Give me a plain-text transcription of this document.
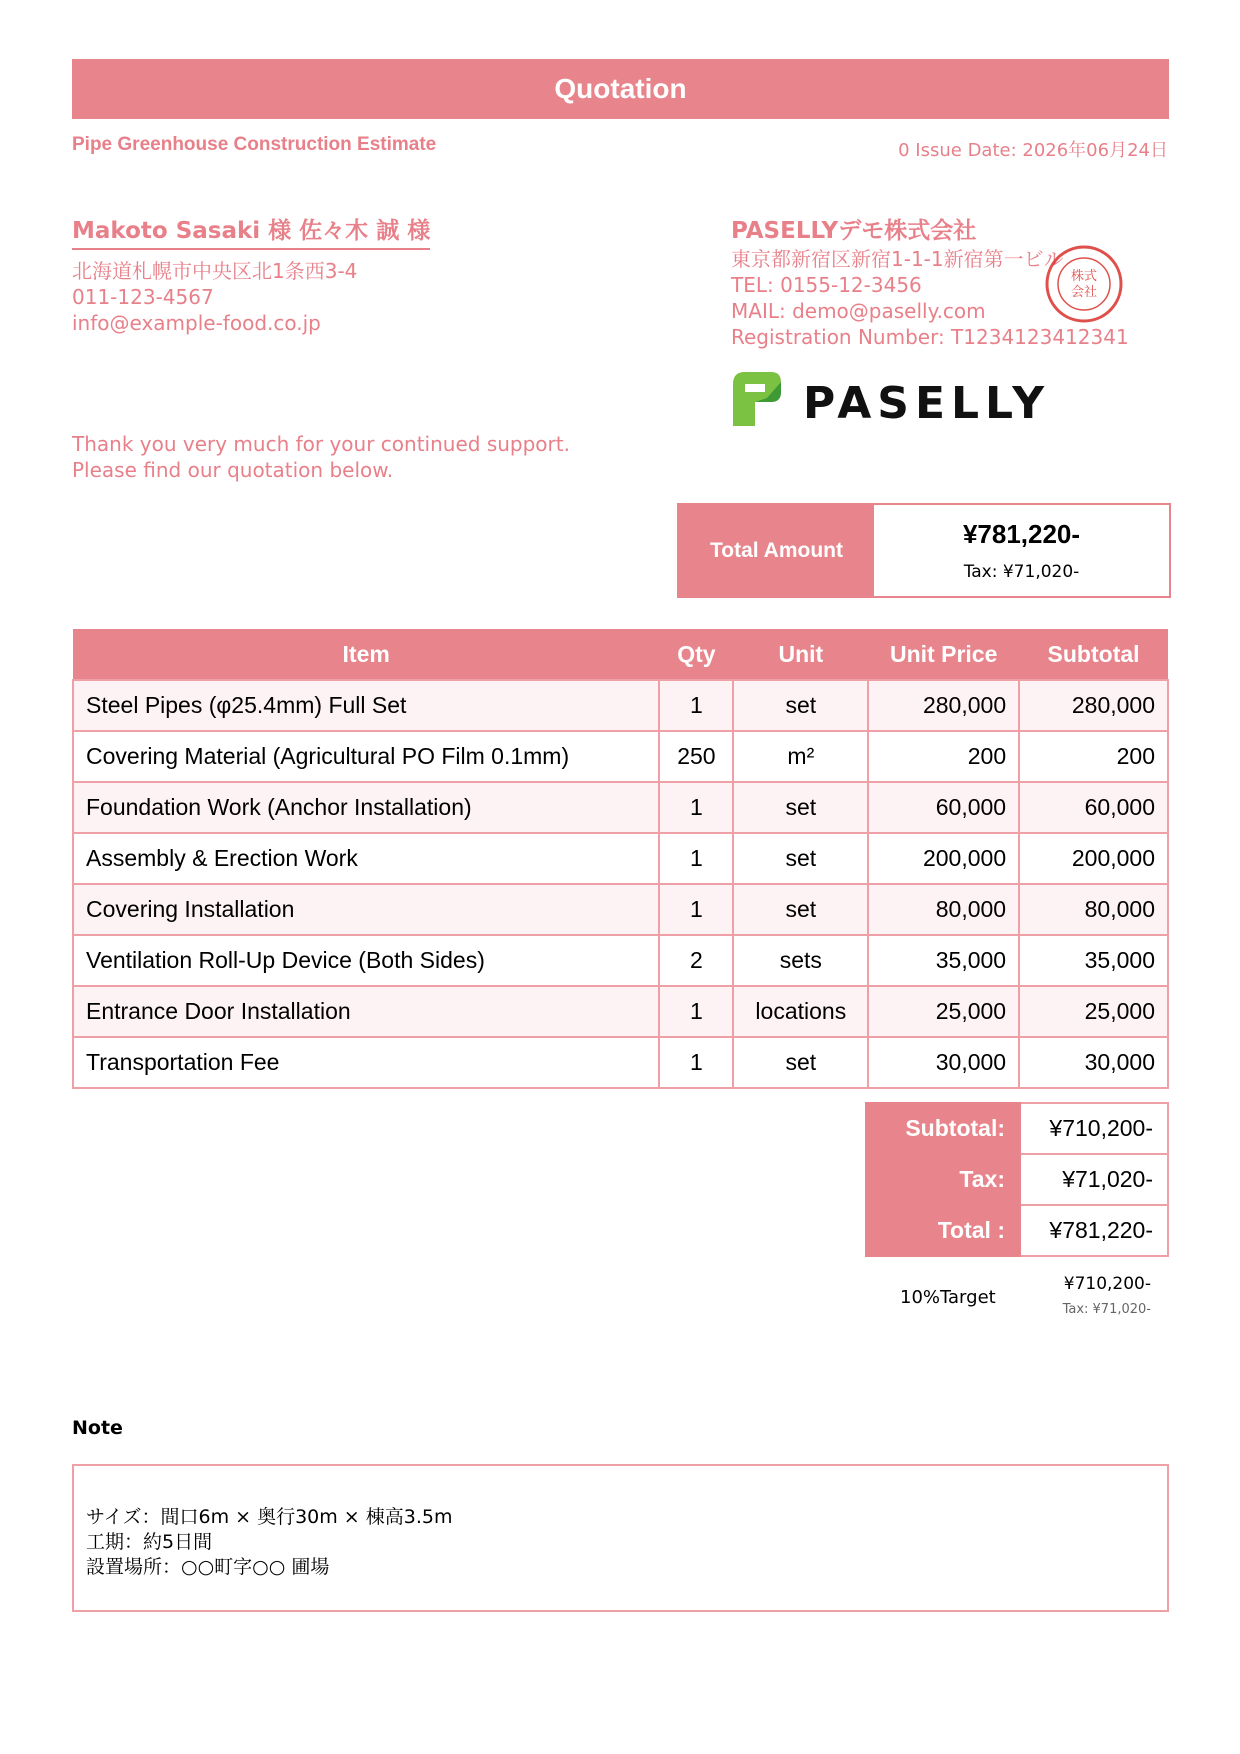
Quotation
Pipe Greenhouse Construction Estimate	0 Issue Date: 2026年06月24日
Makoto Sasaki 様 佐々木 誠 様
北海道札幌市中央区北1条西3-4
011-123-4567
info@example-food.co.jp
PASELLYデモ株式会社
東京都新宿区新宿1-1-1新宿第一ビル
TEL: 0155-12-3456
MAIL: demo@paselly.com
Registration Number: T1234123412341
株式
会社
PASELLY
Thank you very much for your continued support.
Please find our quotation below.
Total Amount
¥781,220-
Tax: ¥71,020-
Item	Qty	Unit	Unit Price	Subtotal
Steel Pipes (φ25.4mm) Full Set	1	set	280,000	280,000
Covering Material (Agricultural PO Film 0.1mm)	250	m²	200	200
Foundation Work (Anchor Installation)	1	set	60,000	60,000
Assembly & Erection Work	1	set	200,000	200,000
Covering Installation	1	set	80,000	80,000
Ventilation Roll-Up Device (Both Sides)	2	sets	35,000	35,000
Entrance Door Installation	1	locations	25,000	25,000
Transportation Fee	1	set	30,000	30,000
Subtotal:	¥710,200-
Tax:	¥71,020-
Total :	¥781,220-
10%Target
¥710,200-
Tax: ¥71,020-
Note
サイズ：間口6m × 奥行30m × 棟高3.5m
工期：約5日間
設置場所：○○町字○○ 圃場
